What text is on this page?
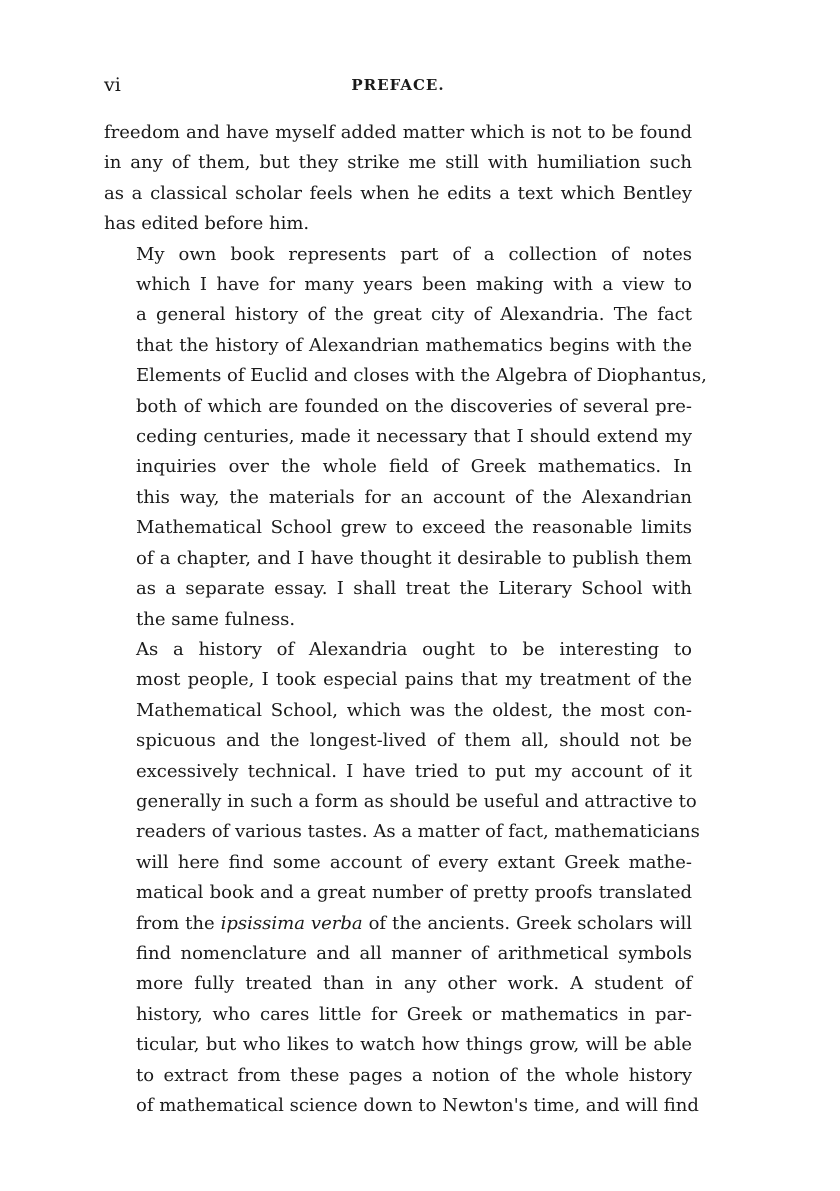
vi	PREFACE.

freedom and have myself added matter which is not to be found
in any of them, but they strike me still with humiliation such
as a classical scholar feels when he edits a text which Bentley
has edited before him.

My own book represents part of a collection of notes
which I have for many years been making with a view to
a general history of the great city of Alexandria. The fact
that the history of Alexandrian mathematics begins with the
Elements of Euclid and closes with the Algebra of Diophantus,
both of which are founded on the discoveries of several pre-
ceding centuries, made it necessary that I should extend my
inquiries over the whole field of Greek mathematics. In
this way, the materials for an account of the Alexandrian
Mathematical School grew to exceed the reasonable limits
of a chapter, and I have thought it desirable to publish them
as a separate essay. I shall treat the Literary School with
the same fulness.

As a history of Alexandria ought to be interesting to
most people, I took especial pains that my treatment of the
Mathematical School, which was the oldest, the most con-
spicuous and the longest-lived of them all, should not be
excessively technical. I have tried to put my account of it
generally in such a form as should be useful and attractive to
readers of various tastes. As a matter of fact, mathematicians
will here find some account of every extant Greek mathe-
matical book and a great number of pretty proofs translated
from the ipsissima verba of the ancients. Greek scholars will
find nomenclature and all manner of arithmetical symbols
more fully treated than in any other work. A student of
history, who cares little for Greek or mathematics in par-
ticular, but who likes to watch how things grow, will be able
to extract from these pages a notion of the whole history
of mathematical science down to Newton's time, and will find
